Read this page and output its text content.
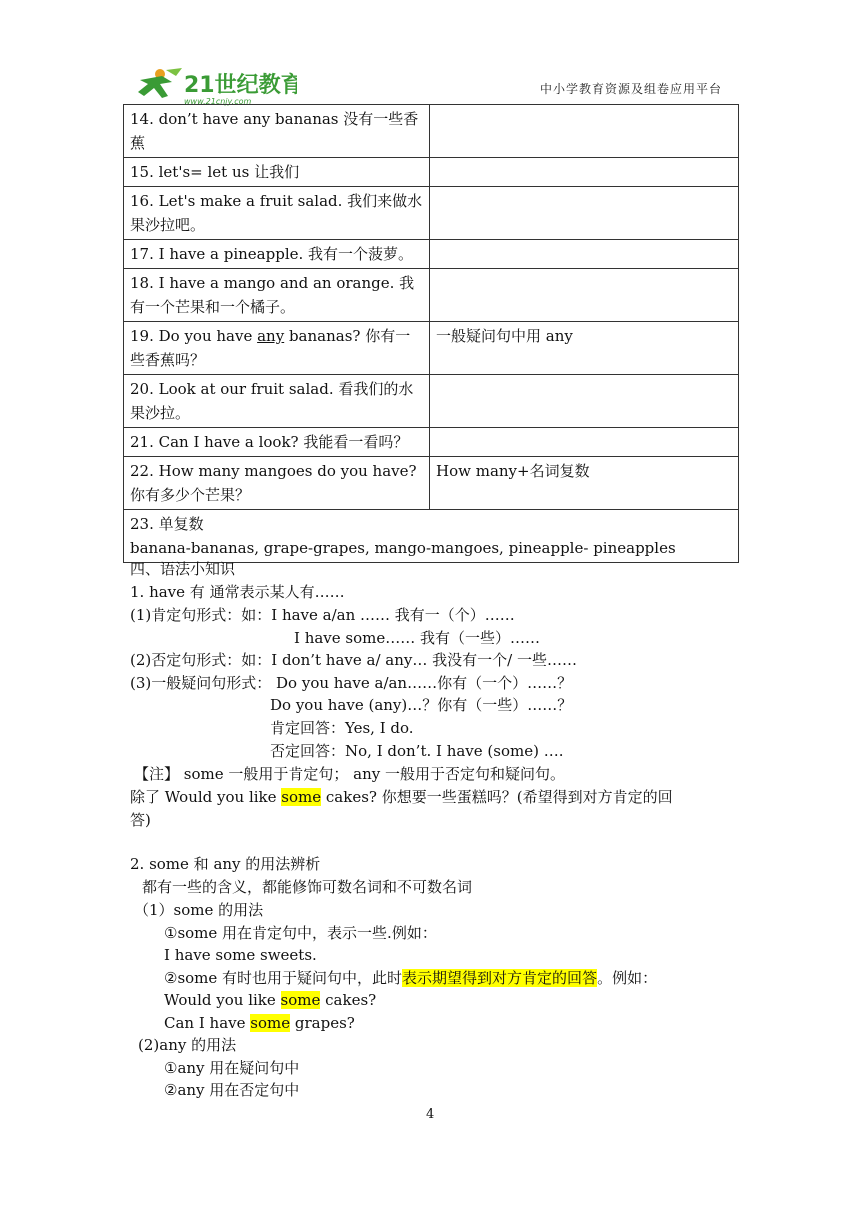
21世纪教育
www.21cnjy.com
中小学教育资源及组卷应用平台
14. don’t have any bananas 没有一些香蕉	
15. let's= let us 让我们	
16. Let's make a fruit salad. 我们来做水果沙拉吧。	
17. I have a pineapple. 我有一个菠萝。	
18. I have a mango and an orange. 我有一个芒果和一个橘子。	
19. Do you have any bananas? 你有一些香蕉吗？	一般疑问句中用 any
20. Look at our fruit salad. 看我们的水果沙拉。	
21. Can I have a look? 我能看一看吗？	
22. How many mangoes do you have? 你有多少个芒果？	How many+名词复数

23. 单复数
banana-bananas, grape-grapes, mango-mangoes, pineapple- pineapples	
四、语法小知识
1. have 有 通常表示某人有……
(1)肯定句形式：如：I have a/an …… 我有一（个）……
I have some…… 我有（一些）……
(2)否定句形式：如：I don’t have a/ any… 我没有一个/ 一些……
(3)一般疑问句形式： Do you have a/an……你有（一个）……？
Do you have (any)…？你有（一些）……？
肯定回答：Yes, I do.
否定回答：No, I don’t. I have (some) ….
【注】 some 一般用于肯定句； any 一般用于否定句和疑问句。
除了 Would you like some cakes? 你想要一些蛋糕吗？(希望得到对方肯定的回
答)
2. some 和 any 的用法辨析
都有一些的含义，都能修饰可数名词和不可数名词
（1）some 的用法
①some 用在肯定句中，表示一些.例如：
I have some sweets.
②some 有时也用于疑问句中，此时表示期望得到对方肯定的回答。例如：
Would you like some cakes?
Can I have some grapes?
(2)any 的用法
①any 用在疑问句中
②any 用在否定句中
4
